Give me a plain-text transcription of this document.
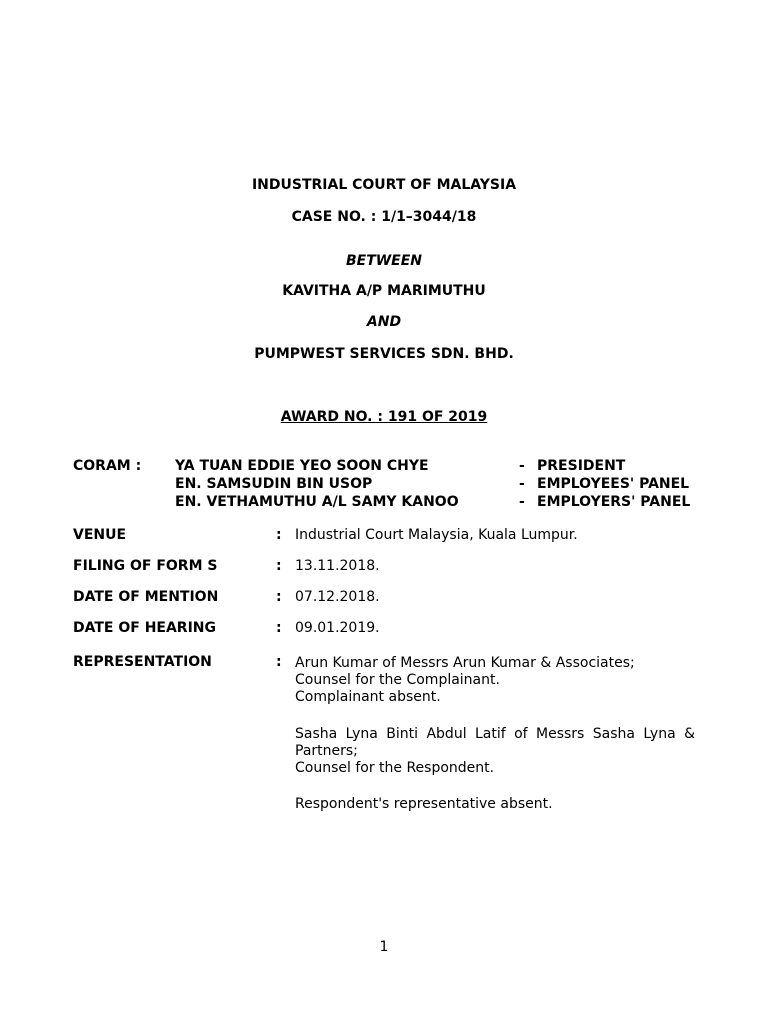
INDUSTRIAL COURT OF MALAYSIA
CASE NO. : 1/1–3044/18
BETWEEN
KAVITHA A/P MARIMUTHU
AND
PUMPWEST SERVICES SDN. BHD.
AWARD NO. : 191 OF 2019
CORAM : YA TUAN EDDIE YEO SOON CHYE	- PRESIDENT
EN. SAMSUDIN BIN USOP	- EMPLOYEES' PANEL
EN. VETHAMUTHU A/L SAMY KANOO	- EMPLOYERS' PANEL
VENUE	: Industrial Court Malaysia, Kuala Lumpur.
FILING OF FORM S	: 13.11.2018.
DATE OF MENTION	: 07.12.2018.
DATE OF HEARING	: 09.01.2019.
REPRESENTATION	: Arun Kumar of Messrs Arun Kumar & Associates;
Counsel for the Complainant.
Complainant absent.
Sasha Lyna Binti Abdul Latif of Messrs Sasha Lyna & Partners;
Counsel for the Respondent.
Respondent's representative absent.
1
